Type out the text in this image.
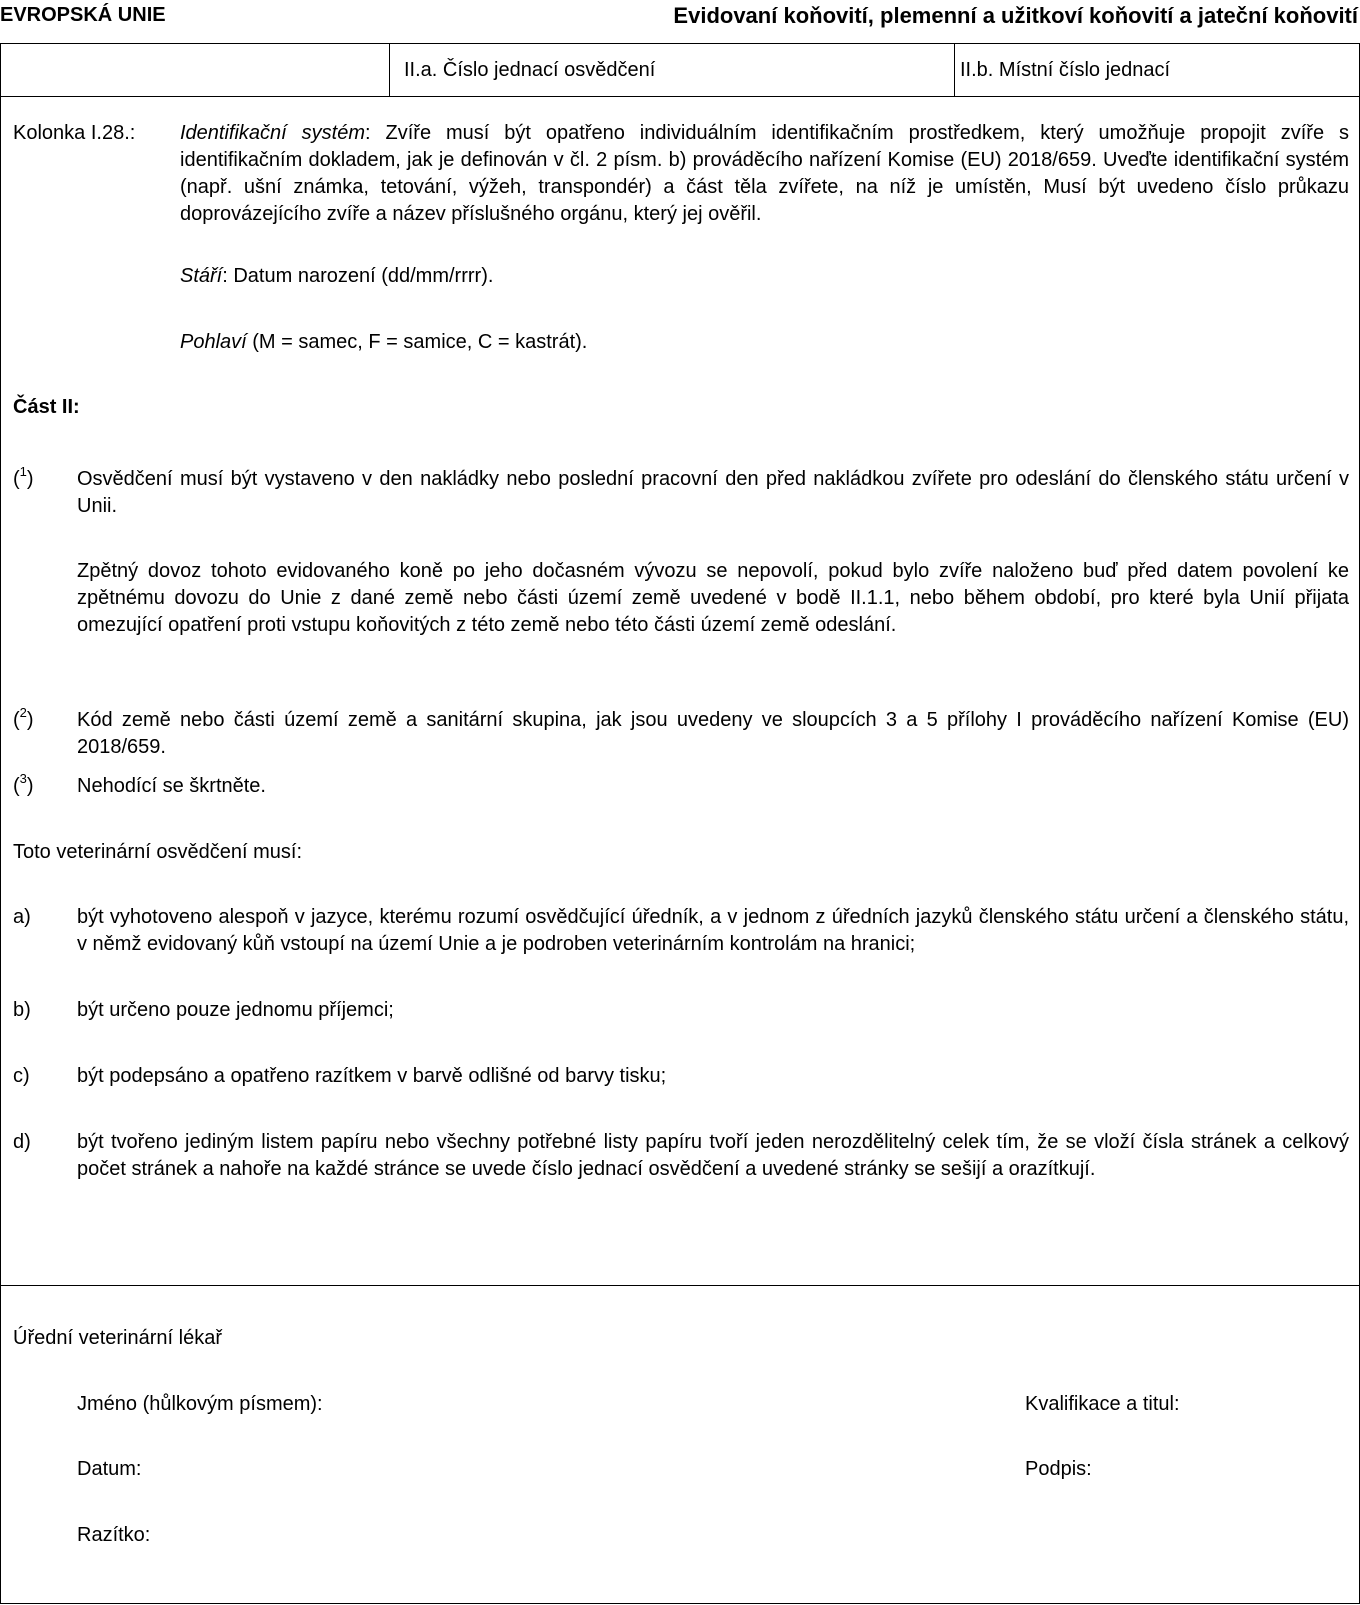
EVROPSKÁ UNIE	Evidovaní koňovití, plemenní a užitkoví koňovití a jateční koňovití
II.a. Číslo jednací osvědčení	II.b. Místní číslo jednací
Kolonka I.28.: Identifikační systém: Zvíře musí být opatřeno individuálním identifikačním prostředkem, který umožňuje propojit zvíře s identifikačním dokladem, jak je definován v čl. 2 písm. b) prováděcího nařízení Komise (EU) 2018/659. Uveďte identifikační systém (např. ušní známka, tetování, výžeh, transpondér) a část těla zvířete, na níž je umístěn, Musí být uvedeno číslo průkazu doprovázejícího zvíře a název příslušného orgánu, který jej ověřil.
Stáří: Datum narození (dd/mm/rrrr).
Pohlaví (M = samec, F = samice, C = kastrát).
Část II:
($^1$) Osvědčení musí být vystaveno v den nakládky nebo poslední pracovní den před nakládkou zvířete pro odeslání do členského státu určení v Unii.
Zpětný dovoz tohoto evidovaného koně po jeho dočasném vývozu se nepovolí, pokud bylo zvíře naloženo buď před datem povolení ke zpětnému dovozu do Unie z dané země nebo části území země uvedené v bodě II.1.1, nebo během období, pro které byla Unií přijata omezující opatření proti vstupu koňovitých z této země nebo této části území země odeslání.
($^2$) Kód země nebo části území země a sanitární skupina, jak jsou uvedeny ve sloupcích 3 a 5 přílohy I prováděcího nařízení Komise (EU) 2018/659.
($^3$) Nehodící se škrtněte.
Toto veterinární osvědčení musí:
a) být vyhotoveno alespoň v jazyce, kterému rozumí osvědčující úředník, a v jednom z úředních jazyků členského státu určení a členského státu, v němž evidovaný kůň vstoupí na území Unie a je podroben veterinárním kontrolám na hranici;
b) být určeno pouze jednomu příjemci;
c) být podepsáno a opatřeno razítkem v barvě odlišné od barvy tisku;
d) být tvořeno jediným listem papíru nebo všechny potřebné listy papíru tvoří jeden nerozdělitelný celek tím, že se vloží čísla stránek a celkový počet stránek a nahoře na každé stránce se uvede číslo jednací osvědčení a uvedené stránky se sešijí a orazítkují.
Úřední veterinární lékař
Jméno (hůlkovým písmem):	Kvalifikace a titul:
Datum:	Podpis:
Razítko:
